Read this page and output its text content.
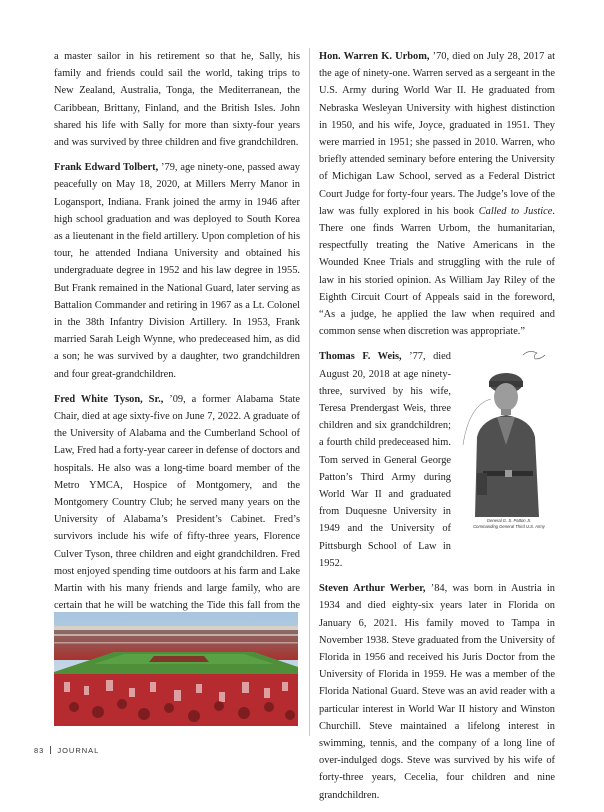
a master sailor in his retirement so that he, Sally, his family and friends could sail the world, taking trips to New Zealand, Australia, Tonga, the Mediterranean, the Caribbean, Brittany, Finland, and the British Isles. John shared his life with Sally for more than sixty-four years and was survived by three children and five grandchildren.

Frank Edward Tolbert, ’79, age ninety-one, passed away peacefully on May 18, 2020, at Millers Merry Manor in Logansport, Indiana. Frank joined the army in 1946 after high school graduation and was deployed to South Korea as a lieutenant in the field artillery. Upon completion of his tour, he attended Indiana University and obtained his undergraduate degree in 1952 and his law degree in 1955. But Frank remained in the National Guard, later serving as Battalion Commander and retiring in 1967 as a Lt. Colonel in the 38th Infantry Division Artillery. In 1953, Frank married Sarah Leigh Wynne, who predeceased him, as did a son; he was survived by a daughter, two grandchildren and four great-grandchildren.

Fred White Tyson, Sr., ’09, a former Alabama State Chair, died at age sixty-five on June 7, 2022. A graduate of the University of Alabama and the Cumberland School of Law, Fred had a forty-year career in defense of doctors and hospitals. He also was a long-time board member of the Metro YMCA, Hospice of Montgomery, and the Montgomery Country Club; he served many years on the University of Alabama’s President’s Cabinet. Fred’s survivors include his wife of fifty-three years, Florence Culver Tyson, three children and eight grandchildren. Fred most enjoyed spending time outdoors at his farm and Lake Martin with his many friends and large family, who are certain that he will be watching the Tide this fall from the

Hon. Warren K. Urbom, ’70, died on July 28, 2017 at the age of ninety-one. Warren served as a sergeant in the U.S. Army during World War II. He graduated from Nebraska Wesleyan University with highest distinction in 1950, and his wife, Joyce, graduated in 1951. They were married in 1951; she passed in 2010. Warren, who briefly attended seminary before entering the University of Michigan Law School, served as a Federal District Court Judge for forty-four years. The Judge’s love of the law was fully explored in his book Called to Justice. There one finds Warren Urbom, the humanitarian, respectfully treating the Native Americans in the Wounded Knee Trials and struggling with the rule of law in his storied opinion. As William Jay Riley of the Eighth Circuit Court of Appeals said in the foreword, “As a judge, he applied the law when required and common sense when discretion was appropriate.”

Thomas F. Weis, ’77, died August 20, 2018 at age ninety-three, survived by his wife, Teresa Prendergast Weis, three children and six grandchildren; a fourth child predeceased him. Tom served in General George Patton’s Third Army during World War II and graduated from Duquesne University in 1949 and the University of Pittsburgh School of Law in 1952.

Steven Arthur Werber, ’84, was born in Austria in 1934 and died eighty-six years later in Florida on January 6, 2021. His family moved to Tampa in November 1938. Steve graduated from the University of Florida in 1956 and received his Juris Doctor from the University of Florida in 1959. He was a member of the Florida National Guard. Steve was an avid reader with a particular interest in World War II history and Winston Churchill. Steve maintained a lifelong interest in swimming, tennis, and the company of a long line of over-indulged dogs. Steve was survived by his wife of forty-three years, Cecelia, four children and nine grandchildren.

General G. S. Patton Jr.
Commanding General Third U.S. Army
83 JOURNAL
